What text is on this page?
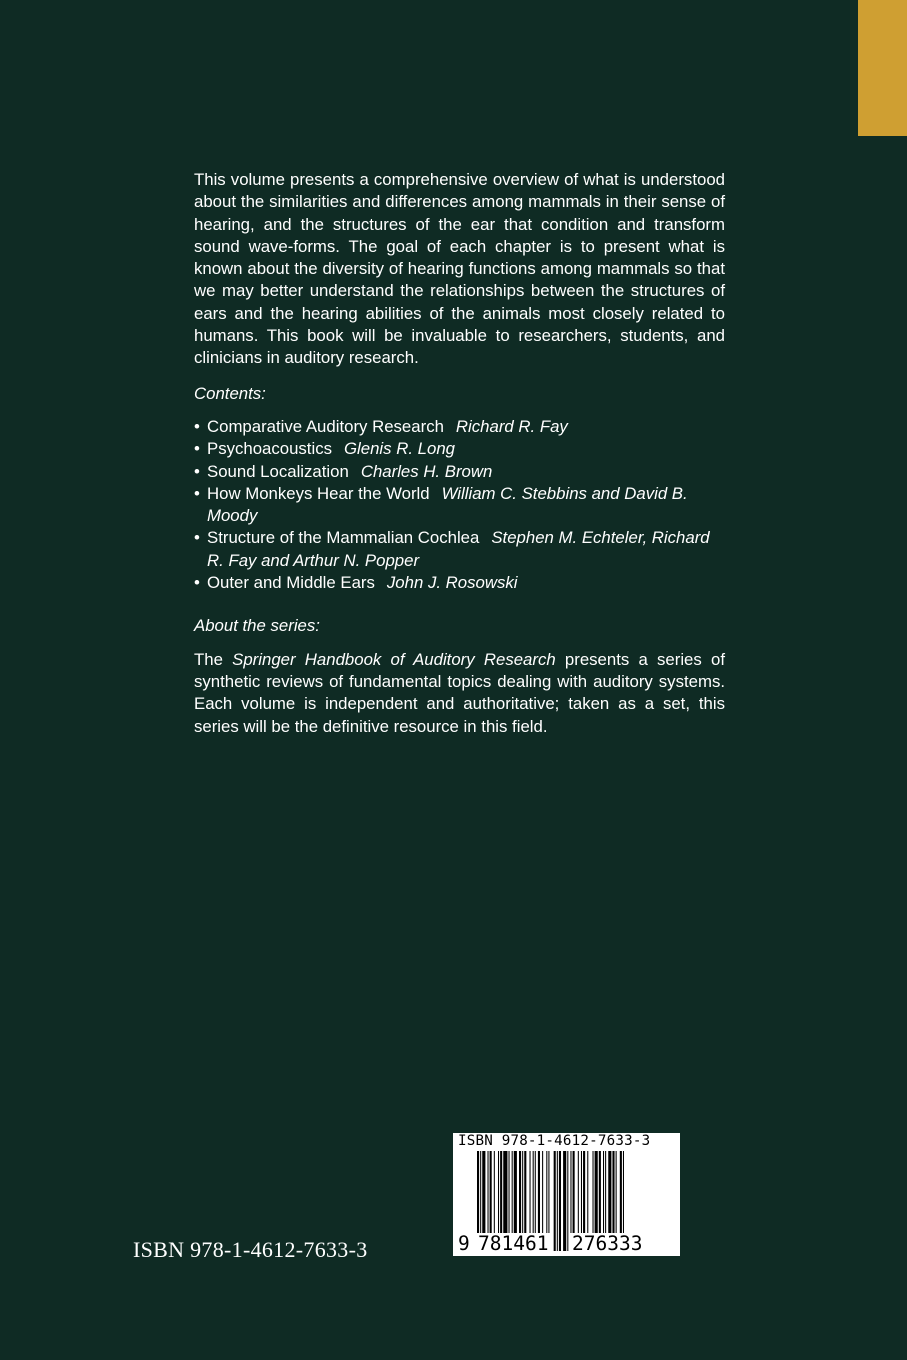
This volume presents a comprehensive overview of what is understood about the similarities and differences among mammals in their sense of hearing, and the structures of the ear that condition and transform sound wave-forms. The goal of each chapter is to present what is known about the diversity of hearing functions among mammals so that we may better understand the relationships between the structures of ears and the hearing abilities of the animals most closely related to humans. This book will be invaluable to researchers, students, and clinicians in auditory research.

Contents:

• Comparative Auditory Research Richard R. Fay
• Psychoacoustics Glenis R. Long
• Sound Localization Charles H. Brown
• How Monkeys Hear the World William C. Stebbins and David B. Moody
• Structure of the Mammalian Cochlea Stephen M. Echteler, Richard R. Fay and Arthur N. Popper
• Outer and Middle Ears John J. Rosowski

About the series:

The Springer Handbook of Auditory Research presents a series of synthetic reviews of fundamental topics dealing with auditory systems. Each volume is independent and authoritative; taken as a set, this series will be the definitive resource in this field.

ISBN 978-1-4612-7633-3
ISBN 978-1-4612-7633-3
9 781461 276333
